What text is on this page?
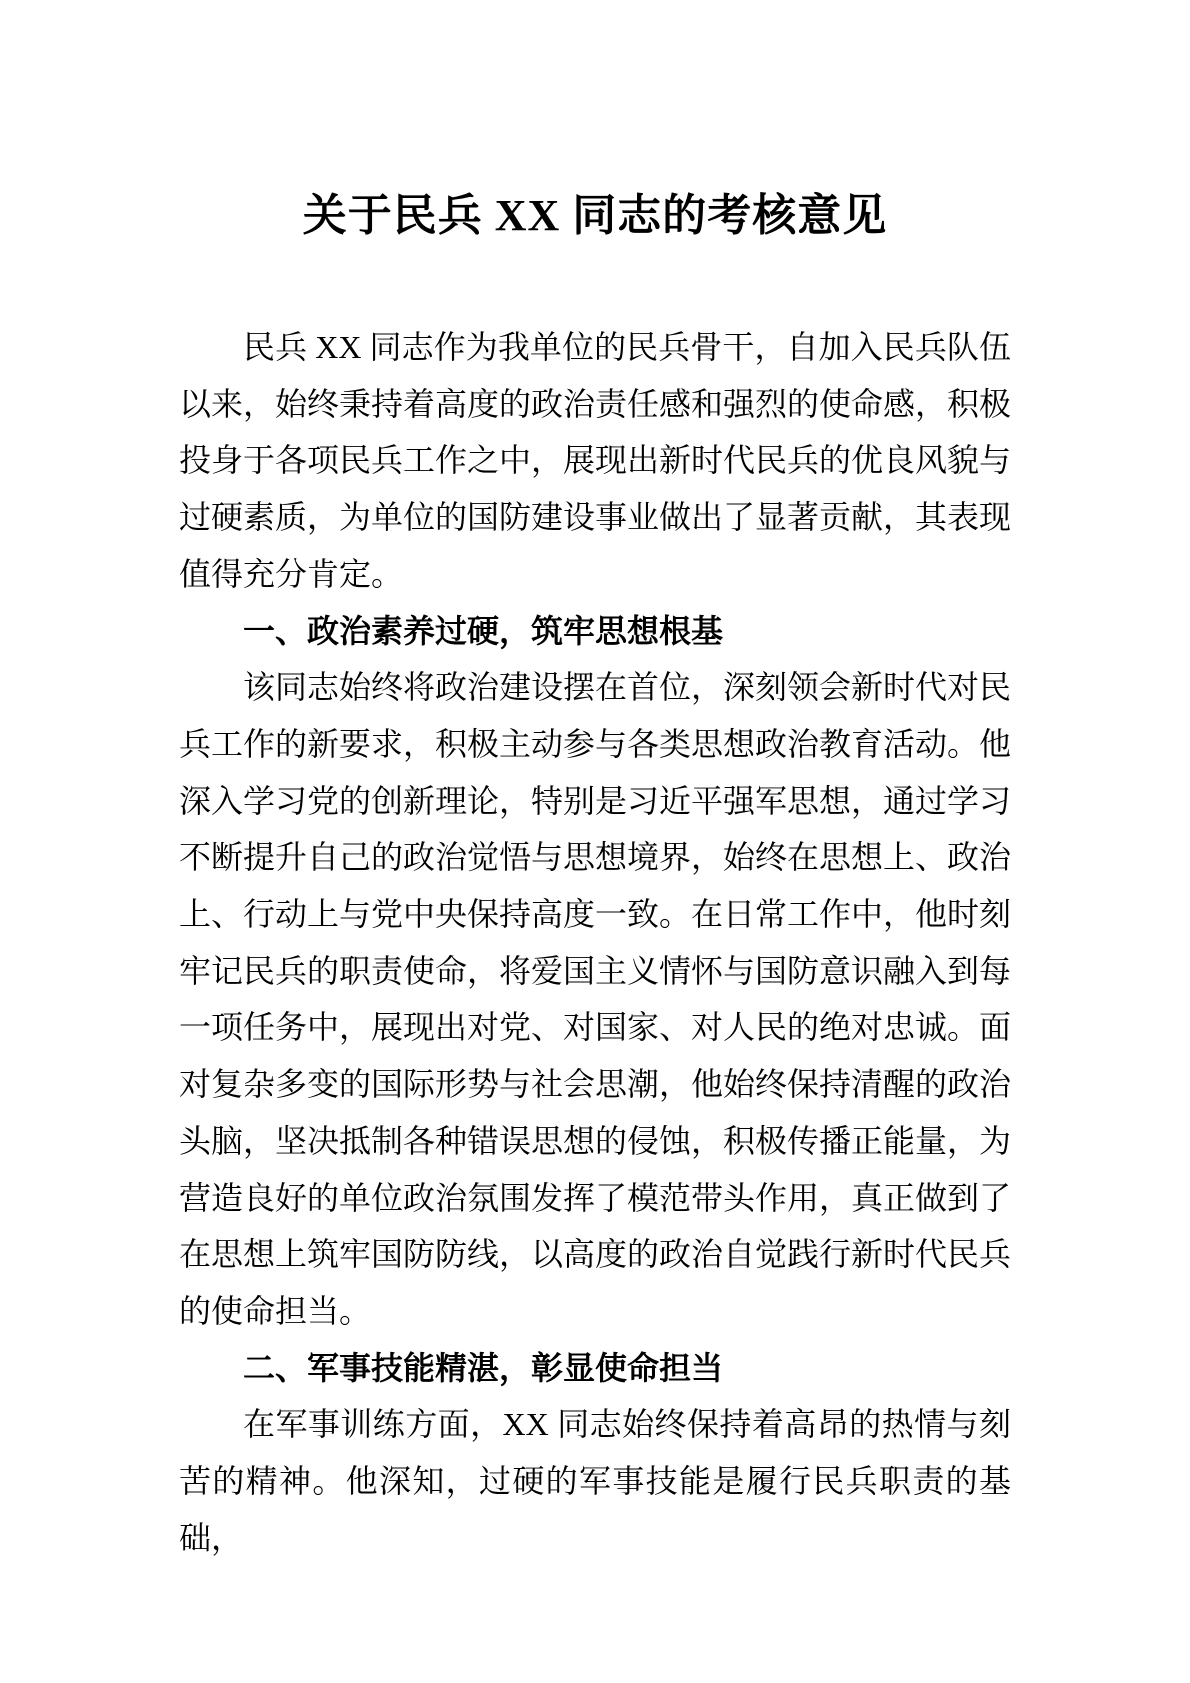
关于民兵 XX 同志的考核意见

民兵 XX 同志作为我单位的民兵骨干，自加入民兵队伍以来，始终秉持着高度的政治责任感和强烈的使命感，积极投身于各项民兵工作之中，展现出新时代民兵的优良风貌与过硬素质，为单位的国防建设事业做出了显著贡献，其表现值得充分肯定。

一、政治素养过硬，筑牢思想根基

该同志始终将政治建设摆在首位，深刻领会新时代对民兵工作的新要求，积极主动参与各类思想政治教育活动。他深入学习党的创新理论，特别是习近平强军思想，通过学习不断提升自己的政治觉悟与思想境界，始终在思想上、政治上、行动上与党中央保持高度一致。在日常工作中，他时刻牢记民兵的职责使命，将爱国主义情怀与国防意识融入到每一项任务中，展现出对党、对国家、对人民的绝对忠诚。面对复杂多变的国际形势与社会思潮，他始终保持清醒的政治头脑，坚决抵制各种错误思想的侵蚀，积极传播正能量，为营造良好的单位政治氛围发挥了模范带头作用，真正做到了在思想上筑牢国防防线，以高度的政治自觉践行新时代民兵的使命担当。

二、军事技能精湛，彰显使命担当

在军事训练方面，XX 同志始终保持着高昂的热情与刻苦的精神。他深知，过硬的军事技能是履行民兵职责的基础，
